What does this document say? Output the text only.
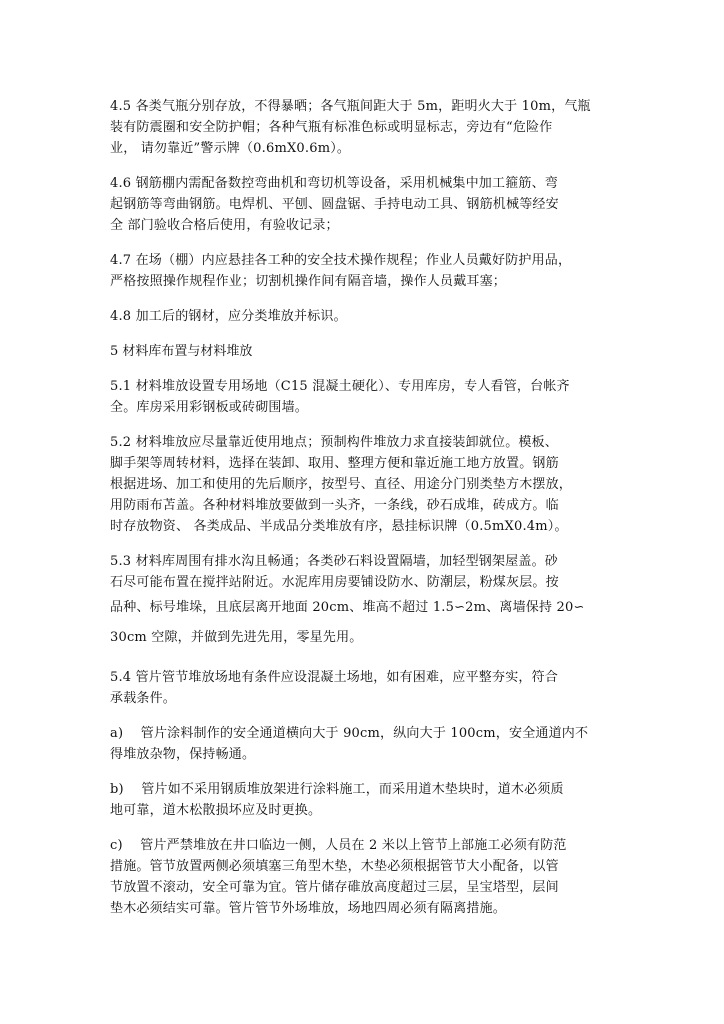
4.5 各类气瓶分别存放，不得暴晒；各气瓶间距大于 5m，距明火大于 10m，气瓶
装有防震圈和安全防护帽；各种气瓶有标准色标或明显标志，旁边有“危险作
业， 请勿靠近”警示牌（0.6mX0.6m）。
4.6 钢筋棚内需配备数控弯曲机和弯切机等设备，采用机械集中加工箍筋、弯
起钢筋等弯曲钢筋。电焊机、平刨、圆盘锯、手持电动工具、钢筋机械等经安
全 部门验收合格后使用，有验收记录；
4.7 在场（棚）内应悬挂各工种的安全技术操作规程；作业人员戴好防护用品，
严格按照操作规程作业；切割机操作间有隔音墙，操作人员戴耳塞；
4.8 加工后的钢材，应分类堆放并标识。
5 材料库布置与材料堆放
5.1 材料堆放设置专用场地（C15 混凝土硬化）、专用库房，专人看管，台帐齐
全。库房采用彩钢板或砖砌围墙。
5.2 材料堆放应尽量靠近使用地点；预制构件堆放力求直接装卸就位。模板、
脚手架等周转材料，选择在装卸、取用、整理方便和靠近施工地方放置。钢筋
根据进场、加工和使用的先后顺序，按型号、直径、用途分门别类垫方木摆放，
用防雨布苫盖。各种材料堆放要做到一头齐，一条线，砂石成堆，砖成方。临
时存放物资、 各类成品、半成品分类堆放有序，悬挂标识牌（0.5mX0.4m）。
5.3 材料库周围有排水沟且畅通；各类砂石料设置隔墙，加轻型钢架屋盖。砂
石尽可能布置在搅拌站附近。水泥库用房要铺设防水、防潮层，粉煤灰层。按
品种、标号堆垛，且底层离开地面 20cm、堆高不超过 1.5∽2m、离墙保持 20∽
30cm 空隙，并做到先进先用，零星先用。
5.4 管片管节堆放场地有条件应设混凝土场地，如有困难，应平整夯实，符合
承载条件。
a)　 管片涂料制作的安全通道横向大于 90cm，纵向大于 100cm，安全通道内不
得堆放杂物，保持畅通。
b)　 管片如不采用钢质堆放架进行涂料施工，而采用道木垫块时，道木必须质
地可靠，道木松散损坏应及时更换。
c)　 管片严禁堆放在井口临边一侧，人员在 2 米以上管节上部施工必须有防范
措施。管节放置两侧必须填塞三角型木垫，木垫必须根据管节大小配备，以管
节放置不滚动，安全可靠为宜。管片储存碓放高度超过三层，呈宝塔型，层间
垫木必须结实可靠。管片管节外场堆放，场地四周必须有隔离措施。
